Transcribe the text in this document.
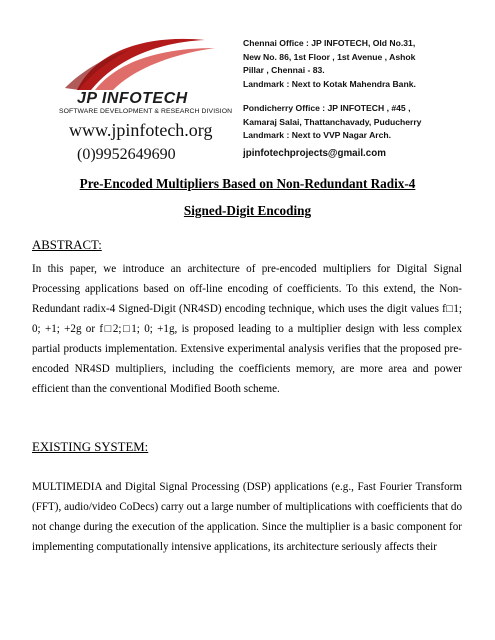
JP INFOTECH
SOFTWARE DEVELOPMENT & RESEARCH DIVISION
www.jpinfotech.org
(0)9952649690
Chennai Office : JP INFOTECH, Old No.31,
New No. 86, 1st Floor , 1st Avenue , Ashok
Pillar , Chennai - 83.
Landmark : Next to Kotak Mahendra Bank.
Pondicherry Office : JP INFOTECH , #45 ,
Kamaraj Salai, Thattanchavady, Puducherry
Landmark : Next to VVP Nagar Arch.
jpinfotechprojects@gmail.com
Pre-Encoded Multipliers Based on Non-Redundant Radix-4
Signed-Digit Encoding
ABSTRACT:
In this paper, we introduce an architecture of pre-encoded multipliers for Digital Signal Processing applications based on off-line encoding of coefficients. To this extend, the Non-Redundant radix-4 Signed-Digit (NR4SD) encoding technique, which uses the digit values f□1; 0; +1; +2g or f□2;□1; 0; +1g, is proposed leading to a multiplier design with less complex partial products implementation. Extensive experimental analysis verifies that the proposed pre-encoded NR4SD multipliers, including the coefficients memory, are more area and power efficient than the conventional Modified Booth scheme.
EXISTING SYSTEM:
MULTIMEDIA and Digital Signal Processing (DSP) applications (e.g., Fast Fourier Transform (FFT), audio/video CoDecs) carry out a large number of multiplications with coefficients that do not change during the execution of the application. Since the multiplier is a basic component for implementing computationally intensive applications, its architecture seriously affects their
